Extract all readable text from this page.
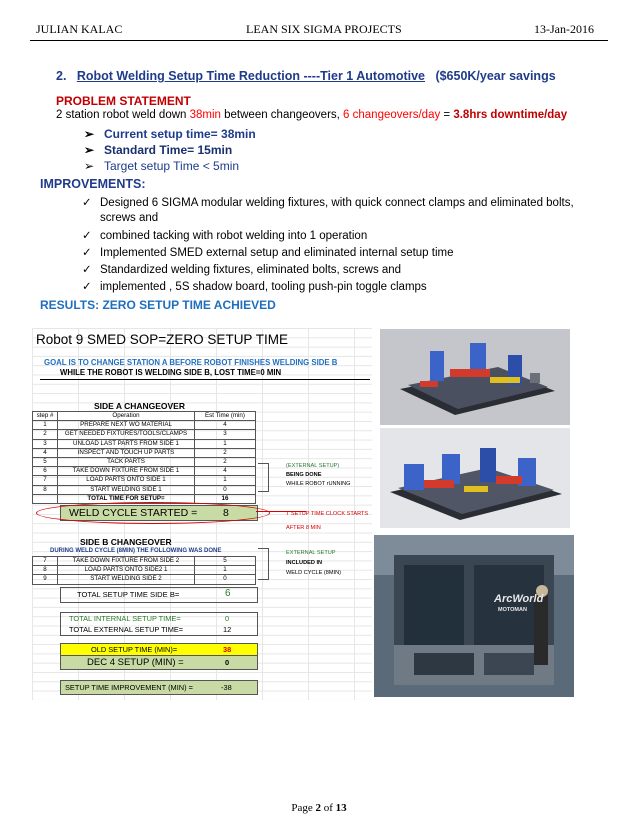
JULIAN KALAC	LEAN SIX SIGMA PROJECTS	13-Jan-2016
2. Robot Welding Setup Time Reduction ----Tier 1 Automotive ($650K/year savings
PROBLEM STATEMENT
2 station robot weld down 38min between changeovers, 6 changeovers/day = 3.8hrs downtime/day
➢ Current setup time= 38min
➢ Standard Time= 15min
➢ Target setup Time < 5min
IMPROVEMENTS:
✓ Designed 6 SIGMA modular welding fixtures, with quick connect clamps and eliminated bolts,
screws and
✓ combined tacking with robot welding into 1 operation
✓ Implemented SMED external setup and eliminated internal setup time
✓ Standardized welding fixtures, eliminated bolts, screws and
✓ implemented , 5S shadow board, tooling push-pin toggle clamps
RESULTS: ZERO SETUP TIME ACHIEVED
Robot 9 SMED SOP=ZERO SETUP TIME
GOAL IS TO CHANGE STATION A BEFORE ROBOT FINISHES WELDING SIDE B
WHILE THE ROBOT IS WELDING SIDE B, LOST TIME=0 MIN
SIDE A CHANGEOVER
step #	Operation	Est Time (min)
1	PREPARE NEXT WO MATERIAL	4
2	GET NEEDED FIXTURES/TOOLS/CLAMPS	3
3	UNLOAD LAST PARTS FROM SIDE 1	1
4	INSPECT AND TOUCH UP PARTS	2
5	TACK PARTS	2
6	TAKE DOWN FIXTURE FROM SIDE 1	4
7	LOAD PARTS ONTO SIDE 1	1
8	START WELDING SIDE 1	0
	TOTAL TIME FOR SETUP=	16
(EXTERNAL SETUP)
BEING DONE
WHILE ROBOT rUNNING
WELD CYCLE STARTED = 8	T SETUP TIME CLOCK STARTS
AFTER 8 MIN
SIDE B CHANGEOVER
DURING WELD CYCLE (8MIN) THE FOLLOWING WAS DONE
7	TAKE DOWN FIXTURE FROM SIDE 2	5
8	LOAD PARTS ONTO SIDE2 1	1
9	START WELDING SIDE 2	0
EXTERNAL SETUP
INCLUDED IN
WELD CYCLE (8MIN)
TOTAL SETUP TIME SIDE B=	6
TOTAL INTERNAL SETUP TIME=	0
TOTAL EXTERNAL SETUP TIME=	12
OLD SETUP TIME (MIN)=	38
DEC 4 SETUP (MIN) =	0
SETUP TIME IMPROVEMENT (MIN) =	-38
ArcWorld
MOTOMAN
Page 2 of 13
